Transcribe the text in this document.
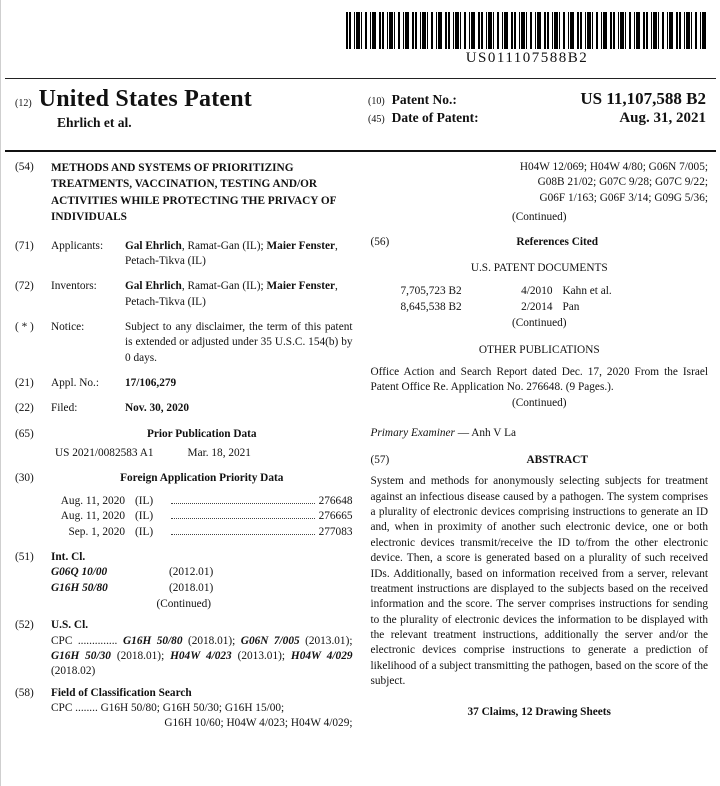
US011107588B2
(12) United States Patent
Ehrlich et al.
(10) Patent No.:	US 11,107,588 B2
(45) Date of Patent:	Aug. 31, 2021
(54)	METHODS AND SYSTEMS OF PRIORITIZING TREATMENTS, VACCINATION, TESTING AND/OR ACTIVITIES WHILE PROTECTING THE PRIVACY OF INDIVIDUALS
(71)	Applicants:	Gal Ehrlich, Ramat-Gan (IL); Maier Fenster, Petach-Tikva (IL)
(72)	Inventors:	Gal Ehrlich, Ramat-Gan (IL); Maier Fenster, Petach-Tikva (IL)
( * )	Notice:	Subject to any disclaimer, the term of this patent is extended or adjusted under 35 U.S.C. 154(b) by 0 days.
(21)	Appl. No.:	17/106,279
(22)	Filed:	Nov. 30, 2020
(65)	Prior Publication Data
US 2021/0082583 A1	Mar. 18, 2021
(30)	Foreign Application Priority Data
Aug. 11, 2020 (IL)	276648
Aug. 11, 2020 (IL)	276665
Sep. 1, 2020 (IL)	277083
(51)	Int. Cl.
G06Q 10/00	(2012.01)
G16H 50/80	(2018.01)
(Continued)
(52)	U.S. Cl.
CPC .............. G16H 50/80 (2018.01); G06N 7/005 (2013.01); G16H 50/30 (2018.01); H04W 4/023 (2013.01); H04W 4/029 (2018.02)
(58)	Field of Classification Search
CPC ........ G16H 50/80; G16H 50/30; G16H 15/00;
G16H 10/60; H04W 4/023; H04W 4/029;
H04W 12/069; H04W 4/80; G06N 7/005;
G08B 21/02; G07C 9/28; G07C 9/22;
G06F 1/163; G06F 3/14; G09G 5/36;
(Continued)
(56)	References Cited
U.S. PATENT DOCUMENTS
7,705,723 B2	4/2010 Kahn et al.
8,645,538 B2	2/2014 Pan
(Continued)
OTHER PUBLICATIONS
Office Action and Search Report dated Dec. 17, 2020 From the Israel Patent Office Re. Application No. 276648. (9 Pages.).
(Continued)
Primary Examiner — Anh V La
(57)	ABSTRACT
System and methods for anonymously selecting subjects for treatment against an infectious disease caused by a pathogen. The system comprises a plurality of electronic devices comprising instructions to generate an ID and, when in proximity of another such electronic device, one or both electronic devices transmit/receive the ID to/from the other electronic device. Then, a score is generated based on a plurality of such received IDs. Additionally, based on information received from a server, relevant treatment instructions are displayed to the subjects based on the received information and the score. The server comprises instructions for sending to the plurality of electronic devices the information to be displayed with the relevant treatment instructions, additionally the server and/or the electronic devices comprise instructions to generate a prediction of likelihood of a subject transmitting the pathogen, based on the score of the subject.
37 Claims, 12 Drawing Sheets
